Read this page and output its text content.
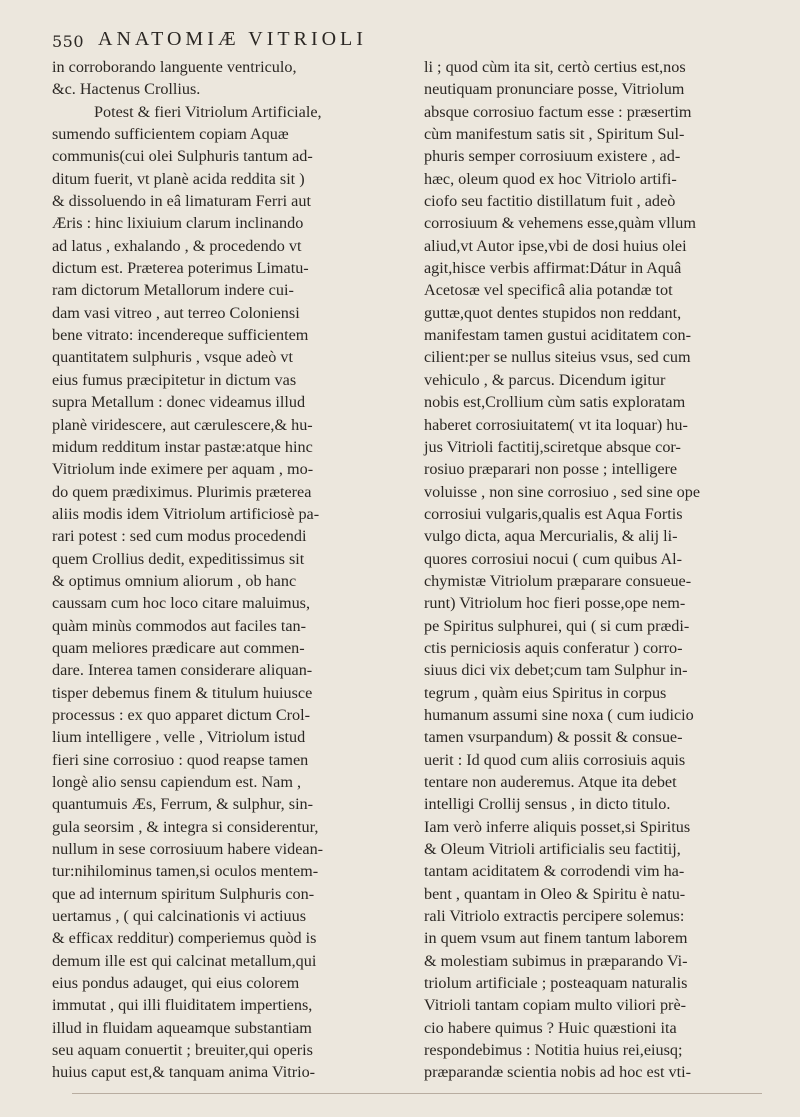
550 ANATOMIÆ VITRIOLI
in corroborando languente ventriculo,
&c. Hactenus Crollius.
Potest & fieri Vitriolum Artificiale,
sumendo sufficientem copiam Aquæ
communis(cui olei Sulphuris tantum ad-
ditum fuerit, vt planè acida reddita sit )
& dissoluendo in eâ limaturam Ferri aut
Æris : hinc lixiuium clarum inclinando
ad latus , exhalando , & procedendo vt
dictum est. Præterea poterimus Limatu-
ram dictorum Metallorum indere cui-
dam vasi vitreo , aut terreo Coloniensi
bene vitrato: incendereque sufficientem
quantitatem sulphuris , vsque adeò vt
eius fumus præcipitetur in dictum vas
supra Metallum : donec videamus illud
planè viridescere, aut cærulescere,& hu-
midum redditum instar pastæ:atque hinc
Vitriolum inde eximere per aquam , mo-
do quem prædiximus. Plurimis præterea
aliis modis idem Vitriolum artificiosè pa-
rari potest : sed cum modus procedendi
quem Crollius dedit, expeditissimus sit
& optimus omnium aliorum , ob hanc
caussam cum hoc loco citare maluimus,
quàm minùs commodos aut faciles tan-
quam meliores prædicare aut commen-
dare. Interea tamen considerare aliquan-
tisper debemus finem & titulum huiusce
processus : ex quo apparet dictum Crol-
lium intelligere , velle , Vitriolum istud
fieri sine corrosiuo : quod reapse tamen
longè alio sensu capiendum est. Nam ,
quantumuis Æs, Ferrum, & sulphur, sin-
gula seorsim , & integra si considerentur,
nullum in sese corrosiuum habere videan-
tur:nihilominus tamen,si oculos mentem-
que ad internum spiritum Sulphuris con-
uertamus , ( qui calcinationis vi actiuus
& efficax redditur) comperiemus quòd is
demum ille est qui calcinat metallum,qui
eius pondus adauget, qui eius colorem
immutat , qui illi fluiditatem impertiens,
illud in fluidam aqueamque substantiam
seu aquam conuertit ; breuiter,qui operis
huius caput est,& tanquam anima Vitrio-
li ; quod cùm ita sit, certò certius est,nos
neutiquam pronunciare posse, Vitriolum
absque corrosiuo factum esse : præsertim
cùm manifestum satis sit , Spiritum Sul-
phuris semper corrosiuum existere , ad-
hæc, oleum quod ex hoc Vitriolo artifi-
ciofo seu factitio distillatum fuit , adeò
corrosiuum & vehemens esse,quàm vllum
aliud,vt Autor ipse,vbi de dosi huius olei
agit,hisce verbis affirmat:Dátur in Aquâ
Acetosæ vel specificâ alia potandæ tot
guttæ,quot dentes stupidos non reddant,
manifestam tamen gustui aciditatem con-
cilient:per se nullus siteius vsus, sed cum
vehiculo , & parcus. Dicendum igitur
nobis est,Crollium cùm satis exploratam
haberet corrosiuitatem( vt ita loquar) hu-
jus Vitrioli factitij,sciretque absque cor-
rosiuo præparari non posse ; intelligere
voluisse , non sine corrosiuo , sed sine ope
corrosiui vulgaris,qualis est Aqua Fortis
vulgo dicta, aqua Mercurialis, & alij li-
quores corrosiui nocui ( cum quibus Al-
chymistæ Vitriolum præparare consueue-
runt) Vitriolum hoc fieri posse,ope nem-
pe Spiritus sulphurei, qui ( si cum prædi-
ctis perniciosis aquis conferatur ) corro-
siuus dici vix debet;cum tam Sulphur in-
tegrum , quàm eius Spiritus in corpus
humanum assumi sine noxa ( cum iudicio
tamen vsurpandum) & possit & consue-
uerit : Id quod cum aliis corrosiuis aquis
tentare non auderemus. Atque ita debet
intelligi Crollij sensus , in dicto titulo.
Iam verò inferre aliquis posset,si Spiritus
& Oleum Vitrioli artificialis seu factitij,
tantam aciditatem & corrodendi vim ha-
bent , quantam in Oleo & Spiritu è natu-
rali Vitriolo extractis percipere solemus:
in quem vsum aut finem tantum laborem
& molestiam subimus in præparando Vi-
triolum artificiale ; posteaquam naturalis
Vitrioli tantam copiam multo viliori prè-
cio habere quimus ? Huic quæstioni ita
respondebimus : Notitia huius rei,eiusq;
præparandæ scientia nobis ad hoc est vti-
